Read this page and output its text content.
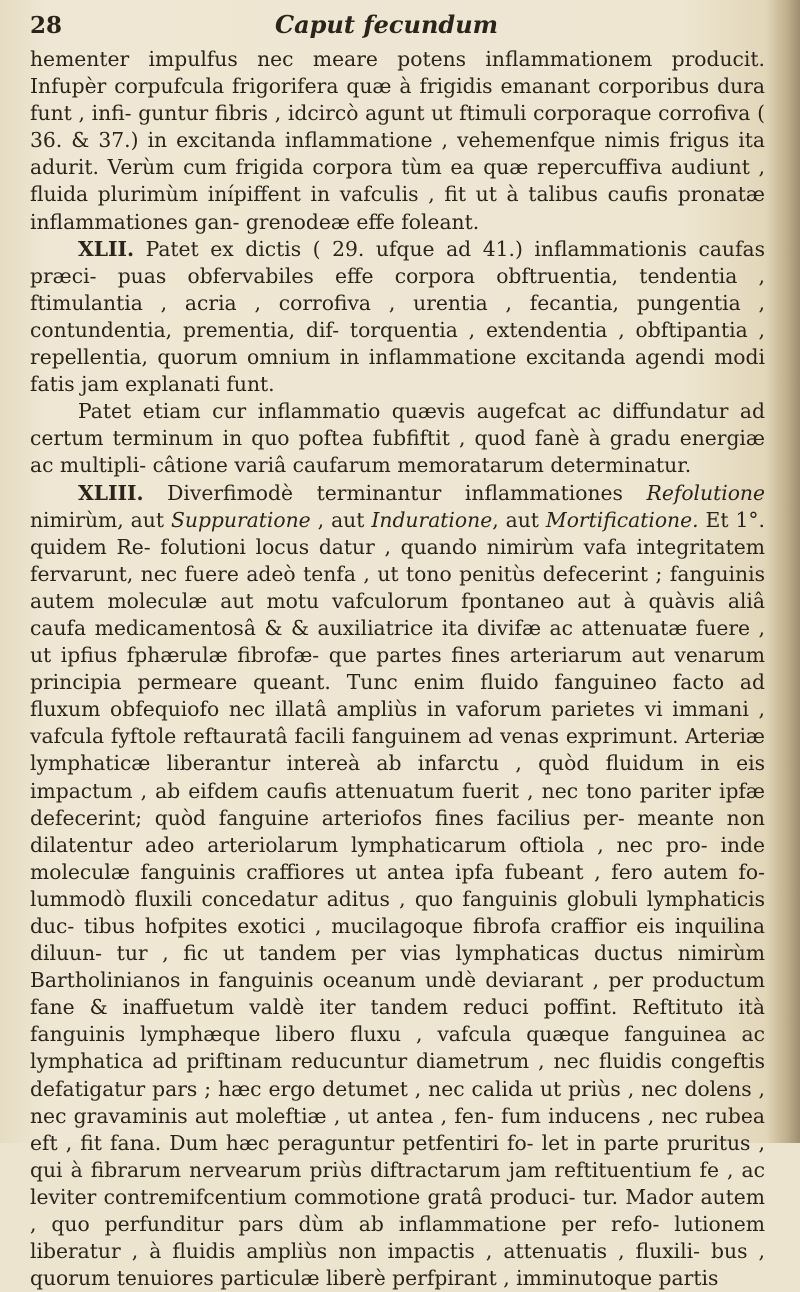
28	Caput fecundum

hementer impulfus nec meare potens inflammationem producit. Infupèr corpufcula frigorifera quæ à frigidis emanant corporibus dura funt , infi- guntur fibris , idcircò agunt ut ftimuli corporaque corrofiva ( 36. & 37.) in excitanda inflammatione , vehemenfque nimis frigus ita adurit. Verùm cum frigida corpora tùm ea quæ repercuffiva audiunt , fluida plurimùm inípiffent in vafculis , fit ut à talibus caufis pronatæ inflammationes gan- grenodeæ effe foleant.

XLII. Patet ex dictis ( 29. ufque ad 41.) inflammationis caufas præci- puas obfervabiles effe corpora obftruentia, tendentia , ftimulantia , acria , corrofiva , urentia , fecantia, pungentia , contundentia, prementia, dif- torquentia , extendentia , obftipantia , repellentia, quorum omnium in inflammatione excitanda agendi modi fatis jam explanati funt.

Patet etiam cur inflammatio quævis augefcat ac diffundatur ad certum terminum in quo poftea fubfiftit , quod fanè à gradu energiæ ac multipli- câtione variâ caufarum memoratarum determinatur.

XLIII. Diverfimodè terminantur inflammationes Refolutione nimirùm, aut Suppuratione , aut Induratione, aut Mortificatione. Et 1°. quidem Re- folutioni locus datur , quando nimirùm vafa integritatem fervarunt, nec fuere adeò tenfa , ut tono penitùs defecerint ; fanguinis autem moleculæ aut motu vafculorum fpontaneo aut à quàvis aliâ caufa medicamentosâ & & auxiliatrice ita divifæ ac attenuatæ fuere , ut ipfius fphærulæ fibrofæ- que partes fines arteriarum aut venarum principia permeare queant. Tunc enim fluido fanguineo facto ad fluxum obfequiofo nec illatâ ampliùs in vaforum parietes vi immani , vafcula fyftole reftauratâ facili fanguinem ad venas exprimunt. Arteriæ lymphaticæ liberantur intereà ab infarctu , quòd fluidum in eis impactum , ab eifdem caufis attenuatum fuerit , nec tono pariter ipfæ defecerint; quòd fanguine arteriofos fines facilius per- meante non dilatentur adeo arteriolarum lymphaticarum oftiola , nec pro- inde moleculæ fanguinis craffiores ut antea ipfa fubeant , fero autem fo- lummodò fluxili concedatur aditus , quo fanguinis globuli lymphaticis duc- tibus hofpites exotici , mucilagoque fibrofa craffior eis inquilina diluun- tur , fic ut tandem per vias lymphaticas ductus nimirùm Bartholinianos in fanguinis oceanum undè deviarant , per productum fane & inaffuetum valdè iter tandem reduci poffint. Reftituto ità fanguinis lymphæque libero fluxu , vafcula quæque fanguinea ac lymphatica ad priftinam reducuntur diametrum , nec fluidis congeftis defatigatur pars ; hæc ergo detumet , nec calida ut priùs , nec dolens , nec gravaminis aut moleftiæ , ut antea , fen- fum inducens , nec rubea eft , fit fana. Dum hæc peraguntur petfentiri fo- let in parte pruritus , qui à fibrarum nervearum priùs diftractarum jam reftituentium fe , ac leviter contremifcentium commotione gratâ produci- tur. Mador autem , quo perfunditur pars dùm ab inflammatione per refo- lutionem liberatur , à fluidis ampliùs non impactis , attenuatis , fluxili- bus , quorum tenuiores particulæ liberè perfpirant , imminutoque partis
